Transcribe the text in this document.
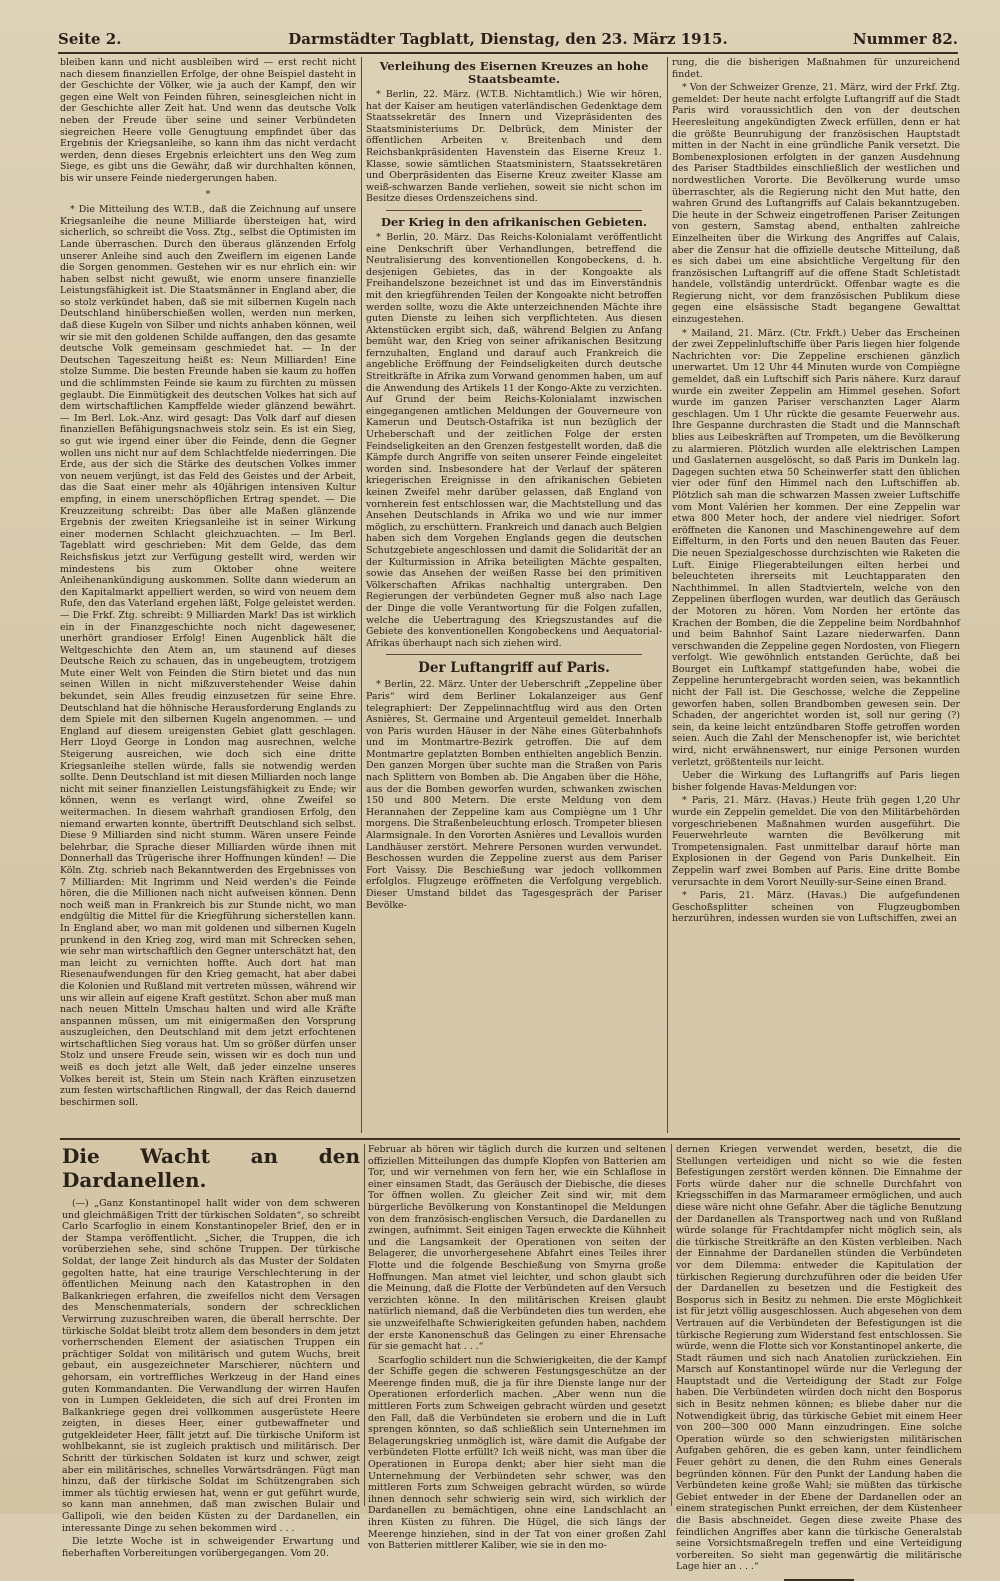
Seite 2.	Darmstädter Tagblatt, Dienstag, den 23. März 1915.	Nummer 82.

bleiben kann und nicht ausbleiben wird — erst recht nicht nach diesem finanziellen Erfolge, der ohne Beispiel dasteht in der Geschichte der Völker, wie ja auch der Kampf, den wir gegen eine Welt von Feinden führen, seinesgleichen nicht in der Geschichte aller Zeit hat. Und wenn das deutsche Volk neben der Freude über seine und seiner Verbündeten siegreichen Heere volle Genugtuung empfindet über das Ergebnis der Kriegsanleihe, so kann ihm das nicht verdacht werden, denn dieses Ergebnis erleichtert uns den Weg zum Siege, es gibt uns die Gewähr, daß wir durchhalten können, bis wir unsere Feinde niedergerungen haben.

*

* Die Mitteilung des W.T.B., daß die Zeichnung auf unsere Kriegsanleihe die neune Milliarde übersteigen hat, wird sicherlich, so schreibt die Voss. Ztg., selbst die Optimisten im Lande überraschen. Durch den überaus glänzenden Erfolg unserer Anleihe sind auch den Zweiflern im eigenen Lande die Sorgen genommen. Gestehen wir es nur ehrlich ein: wir haben selbst nicht gewußt, wie enorm unsere finanzielle Leistungsfähigkeit ist. Die Staatsmänner in England aber, die so stolz verkündet haben, daß sie mit silbernen Kugeln nach Deutschland hinüberschießen wollen, werden nun merken, daß diese Kugeln von Silber und nichts anhaben können, weil wir sie mit den goldenen Schilde auffangen, den das gesamte deutsche Volk gemeinsam geschmiedet hat. — In der Deutschen Tageszeitung heißt es: Neun Milliarden! Eine stolze Summe. Die besten Freunde haben sie kaum zu hoffen und die schlimmsten Feinde sie kaum zu fürchten zu müssen geglaubt. Die Einmütigkeit des deutschen Volkes hat sich auf dem wirtschaftlichen Kampffelde wieder glänzend bewährt. — Im Berl. Lok.-Anz. wird gesagt: Das Volk darf auf diesen finanziellen Befähigungsnachweis stolz sein. Es ist ein Sieg, so gut wie irgend einer über die Feinde, denn die Gegner wollen uns nicht nur auf dem Schlachtfelde niederringen. Die Erde, aus der sich die Stärke des deutschen Volkes immer von neuem verjüngt, ist das Feld des Geistes und der Arbeit, das die Saat einer mehr als 40jährigen intensiven Kultur empfing, in einem unerschöpflichen Ertrag spendet. — Die Kreuzzeitung schreibt: Das über alle Maßen glänzende Ergebnis der zweiten Kriegsanleihe ist in seiner Wirkung einer modernen Schlacht gleichzuachten. — Im Berl. Tageblatt wird geschrieben: Mit dem Gelde, das dem Reichsfiskus jetzt zur Verfügung gestellt wird, werden wir mindestens bis zum Oktober ohne weitere Anleihenankündigung auskommen. Sollte dann wiederum an den Kapitalmarkt appelliert werden, so wird von neuem dem Rufe, den das Vaterland ergehen läßt, Folge geleistet werden. — Die Frkf. Ztg. schreibt: 9 Milliarden Mark! Das ist wirklich ein in der Finanzgeschichte noch nicht dagewesener, unerhört grandioser Erfolg! Einen Augenblick hält die Weltgeschichte den Atem an, um staunend auf dieses Deutsche Reich zu schauen, das in ungebeugtem, trotzigem Mute einer Welt von Feinden die Stirn bietet und das nun seinen Willen in nicht mißzuverstehender Weise dahin bekundet, sein Alles freudig einzusetzen für seine Ehre. Deutschland hat die höhnische Herausforderung Englands zu dem Spiele mit den silbernen Kugeln angenommen. — und England auf diesem ureigensten Gebiet glatt geschlagen. Herr Lloyd George in London mag ausrechnen, welche Steigerung ausreichen, wie doch sich eine dritte Kriegsanleihe stellen würde, falls sie notwendig werden sollte. Denn Deutschland ist mit diesen Milliarden noch lange nicht mit seiner finanziellen Leistungsfähigkeit zu Ende; wir können, wenn es verlangt wird, ohne Zweifel so weitermachen. In diesem wahrhaft grandiosen Erfolg, den niemand erwarten konnte, übertrifft Deutschland sich selbst. Diese 9 Milliarden sind nicht stumm. Wären unsere Feinde belehrbar, die Sprache dieser Milliarden würde ihnen mit Donnerhall das Trügerische ihrer Hoffnungen künden! — Die Köln. Ztg. schrieb nach Bekanntwerden des Ergebnisses von 7 Milliarden: Mit Ingrimm und Neid werden's die Feinde hören, die die Millionen nach nicht aufweisen können. Denn noch weiß man in Frankreich bis zur Stunde nicht, wo man endgültig die Mittel für die Kriegführung sicherstellen kann. In England aber, wo man mit goldenen und silbernen Kugeln prunkend in den Krieg zog, wird man mit Schrecken sehen, wie sehr man wirtschaftlich den Gegner unterschätzt hat, den man leicht zu vernichten hoffte. Auch dort hat man Riesenaufwendungen für den Krieg gemacht, hat aber dabei die Kolonien und Rußland mit vertreten müssen, während wir uns wir allein auf eigene Kraft gestützt. Schon aber muß man nach neuen Mitteln Umschau halten und wird alle Kräfte anspannen müssen, um mit einigermaßen den Vorsprung auszugleichen, den Deutschland mit dem jetzt erfochtenen wirtschaftlichen Sieg voraus hat. Um so größer dürfen unser Stolz und unsere Freude sein, wissen wir es doch nun und weiß es doch jetzt alle Welt, daß jeder einzelne unseres Volkes bereit ist, Stein um Stein nach Kräften einzusetzen zum festen wirtschaftlichen Ringwall, der das Reich dauernd beschirmen soll.

Verleihung des Eisernen Kreuzes an hohe Staatsbeamte.

* Berlin, 22. März. (W.T.B. Nichtamtlich.) Wie wir hören, hat der Kaiser am heutigen vaterländischen Gedenktage dem Staatssekretär des Innern und Vizepräsidenten des Staatsministeriums Dr. Delbrück, dem Minister der öffentlichen Arbeiten v. Breitenbach und dem Reichsbankpräsidenten Havenstein das Eiserne Kreuz 1. Klasse, sowie sämtlichen Staatsministern, Staatssekretären und Oberpräsidenten das Eiserne Kreuz zweiter Klasse am weiß-schwarzen Bande verliehen, soweit sie nicht schon im Besitze dieses Ordenszeichens sind.

Der Krieg in den afrikanischen Gebieten.

* Berlin, 20. März. Das Reichs-Kolonialamt veröffentlicht eine Denkschrift über Verhandlungen, betreffend die Neutralisierung des konventionellen Kongobeckens, d. h. desjenigen Gebietes, das in der Kongoakte als Freihandelszone bezeichnet ist und das im Einverständnis mit den kriegführenden Teilen der Kongoakte nicht betroffen werden sollte, wozu die Akte unterzeichnenden Mächte ihre guten Dienste zu leihen sich verpflichteten. Aus diesen Aktenstücken ergibt sich, daß, während Belgien zu Anfang bemüht war, den Krieg von seiner afrikanischen Besitzung fernzuhalten, England und darauf auch Frankreich die angebliche Eröffnung der Feindseligkeiten durch deutsche Streitkräfte in Afrika zum Vorwand genommen haben, um auf die Anwendung des Artikels 11 der Kongo-Akte zu verzichten. Auf Grund der beim Reichs-Kolonialamt inzwischen eingegangenen amtlichen Meldungen der Gouverneure von Kamerun und Deutsch-Ostafrika ist nun bezüglich der Urheberschaft und der zeitlichen Folge der ersten Feindseligkeiten an den Grenzen festgestellt worden, daß die Kämpfe durch Angriffe von seiten unserer Feinde eingeleitet worden sind. Insbesondere hat der Verlauf der späteren kriegerischen Ereignisse in den afrikanischen Gebieten keinen Zweifel mehr darüber gelassen, daß England von vornherein fest entschlossen war, die Machtstellung und das Ansehen Deutschlands in Afrika wo und wie nur immer möglich, zu erschüttern. Frankreich und danach auch Belgien haben sich dem Vorgehen Englands gegen die deutschen Schutzgebiete angeschlossen und damit die Solidarität der an der Kulturmission in Afrika beteiligten Mächte gespalten, sowie das Ansehen der weißen Rasse bei den primitiven Völkerschaften Afrikas nachhaltig untergraben. Den Regierungen der verbündeten Gegner muß also nach Lage der Dinge die volle Verantwortung für die Folgen zufallen, welche die Uebertragung des Kriegszustandes auf die Gebiete des konventionellen Kongobeckens und Aequatorial-Afrikas überhaupt nach sich ziehen wird.

Der Luftangriff auf Paris.

* Berlin, 22. März. Unter der Ueberschrift „Zeppeline über Paris“ wird dem Berliner Lokalanzeiger aus Genf telegraphiert: Der Zeppelinnachtflug wird aus den Orten Asnières, St. Germaine und Argenteuil gemeldet. Innerhalb von Paris wurden Häuser in der Nähe eines Güterbahnhofs und im Montmartre-Bezirk getroffen. Die auf dem Montmartre geplatzten Bomben enthielten angeblich Benzin. Den ganzen Morgen über suchte man die Straßen von Paris nach Splittern von Bomben ab. Die Angaben über die Höhe, aus der die Bomben geworfen wurden, schwanken zwischen 150 und 800 Metern. Die erste Meldung von dem Herannahen der Zeppeline kam aus Compiègne um 1 Uhr morgens. Die Straßenbeleuchtung erlosch. Trompeter bliesen Alarmsignale. In den Vororten Asnières und Levallois wurden Landhäuser zerstört. Mehrere Personen wurden verwundet. Beschossen wurden die Zeppeline zuerst aus dem Pariser Fort Vaissy. Die Beschießung war jedoch vollkommen erfolglos. Flugzeuge eröffneten die Verfolgung vergeblich. Dieser Umstand bildet das Tagesgespräch der Pariser Bevölke-

rung, die die bisherigen Maßnahmen für unzureichend findet.

* Von der Schweizer Grenze, 21. März, wird der Frkf. Ztg. gemeldet: Der heute nacht erfolgte Luftangriff auf die Stadt Paris wird voraussichtlich den von der deutschen Heeresleitung angekündigten Zweck erfüllen, denn er hat die größte Beunruhigung der französischen Hauptstadt mitten in der Nacht in eine gründliche Panik versetzt. Die Bombenexplosionen erfolgten in der ganzen Ausdehnung des Pariser Stadtbildes einschließlich der westlichen und nordwestlichen Vororte. Die Bevölkerung wurde umso überraschter, als die Regierung nicht den Mut hatte, den wahren Grund des Luftangriffs auf Calais bekanntzugeben. Die heute in der Schweiz eingetroffenen Pariser Zeitungen von gestern, Samstag abend, enthalten zahlreiche Einzelheiten über die Wirkung des Angriffes auf Calais, aber die Zensur hat die offizielle deutsche Mitteilung, daß es sich dabei um eine absichtliche Vergeltung für den französischen Luftangriff auf die offene Stadt Schletistadt handele, vollständig unterdrückt. Offenbar wagte es die Regierung nicht, vor dem französischen Publikum diese gegen eine elsässische Stadt begangene Gewalttat einzugestehen.

* Mailand, 21. März. (Ctr. Frkft.) Ueber das Erscheinen der zwei Zeppelinluftschiffe über Paris liegen hier folgende Nachrichten vor: Die Zeppeline erschienen gänzlich unerwartet. Um 12 Uhr 44 Minuten wurde von Compiègne gemeldet, daß ein Luftschiff sich Paris nähere. Kurz darauf wurde ein zweiter Zeppelin am Himmel gesehen. Sofort wurde im ganzen Pariser verschanzten Lager Alarm geschlagen. Um 1 Uhr rückte die gesamte Feuerwehr aus. Ihre Gespanne durchrasten die Stadt und die Mannschaft blies aus Leibeskräften auf Trompeten, um die Bevölkerung zu alarmieren. Plötzlich wurden alle elektrischen Lampen und Gaslaternen ausgelöscht, so daß Paris im Dunkeln lag. Dagegen suchten etwa 50 Scheinwerfer statt den üblichen vier oder fünf den Himmel nach den Luftschiffen ab. Plötzlich sah man die schwarzen Massen zweier Luftschiffe vom Mont Valérien her kommen. Der eine Zeppelin war etwa 800 Meter hoch, der andere viel niedriger. Sofort eröffneten die Kanonen und Maschinengewehre auf dem Eiffelturm, in den Forts und den neuen Bauten das Feuer. Die neuen Spezialgeschosse durchzischten wie Raketen die Luft. Einige Fliegerabteilungen eilten herbei und beleuchteten ihrerseits mit Leuchtapparaten den Nachthimmel. In allen Stadtvierteln, welche von den Zeppelinen überflogen wurden, war deutlich das Geräusch der Motoren zu hören. Vom Norden her ertönte das Krachen der Bomben, die die Zeppeline beim Nordbahnhof und beim Bahnhof Saint Lazare niederwarfen. Dann verschwanden die Zeppeline gegen Nordosten, von Fliegern verfolgt. Wie gewöhnlich entstanden Gerüchte, daß bei Bourget ein Luftkampf stattgefunden habe, wobei die Zeppeline heruntergebracht worden seien, was bekanntlich nicht der Fall ist. Die Geschosse, welche die Zeppeline geworfen haben, sollen Brandbomben gewesen sein. Der Schaden, der angerichtet worden ist, soll nur gering (?) sein, da keine leicht entzündbaren Stoffe getroffen worden seien. Auch die Zahl der Menschenopfer ist, wie berichtet wird, nicht erwähnenswert, nur einige Personen wurden verletzt, größtenteils nur leicht.

Ueber die Wirkung des Luftangriffs auf Paris liegen bisher folgende Havas-Meldungen vor:

* Paris, 21. März. (Havas.) Heute früh gegen 1,20 Uhr wurde ein Zeppelin gemeldet. Die von den Militärbehörden vorgeschriebenen Maßnahmen wurden ausgeführt. Die Feuerwehrleute warnten die Bevölkerung mit Trompetensignalen. Fast unmittelbar darauf hörte man Explosionen in der Gegend von Paris Dunkelheit. Ein Zeppelin warf zwei Bomben auf Paris. Eine dritte Bombe verursachte in dem Vorort Neuilly-sur-Seine einen Brand.

* Paris, 21. März. (Havas.) Die aufgefundenen Geschoßsplitter scheinen von Flugzeugbomben herzurühren, indessen wurden sie von Luftschiffen, zwei an

Die Wacht an den Dardanellen.

(—) „Ganz Konstantinopel hallt wider von dem schweren und gleichmäßigen Tritt der türkischen Soldaten“, so schreibt Carlo Scarfoglio in einem Konstantinopeler Brief, den er in der Stampa veröffentlicht. „Sicher, die Truppen, die ich vorüberziehen sehe, sind schöne Truppen. Der türkische Soldat, der lange Zeit hindurch als das Muster der Soldaten gegolten hatte, hat eine traurige Verschlechterung in der öffentlichen Meinung nach den Katastrophen in den Balkankriegen erfahren, die zweifellos nicht dem Versagen des Menschenmaterials, sondern der schrecklichen Verwirrung zuzuschreiben waren, die überall herrschte. Der türkische Soldat bleibt trotz allem dem besonders in dem jetzt vorherrschenden Element der asiatischen Truppen ein prächtiger Soldat von militärisch und gutem Wuchs, breit gebaut, ein ausgezeichneter Marschierer, nüchtern und gehorsam, ein vortreffliches Werkzeug in der Hand eines guten Kommandanten. Die Verwandlung der wirren Haufen von in Lumpen Gekleideten, die sich auf drei Fronten im Balkankriege gegen drei vollkommen ausgerüstete Heere zeigten, in dieses Heer, einer gutbewaffneter und gutgekleideter Heer, fällt jetzt auf. Die türkische Uniform ist wohlbekannt, sie ist zugleich praktisch und militärisch. Der Schritt der türkischen Soldaten ist kurz und schwer, zeigt aber ein militärisches, schnelles Vorwärtsdrängen. Fügt man hinzu, daß der türkische Soldat im Schützengraben sich immer als tüchtig erwiesen hat, wenn er gut geführt wurde, so kann man annehmen, daß man zwischen Bulair und Gallipoli, wie den beiden Küsten zu der Dardanellen, ein interessante Dinge zu sehen bekommen wird . . .

Die letzte Woche ist in schweigender Erwartung und fieberhaften Vorbereitungen vorübergegangen. Vom 20.

Februar ab hören wir täglich durch die kurzen und seltenen offiziellen Mitteilungen das dumpfe Klopfen von Batterien am Tor, und wir vernehmen von fern her, wie ein Schlaflose in einer einsamen Stadt, das Geräusch der Diebische, die dieses Tor öffnen wollen. Zu gleicher Zeit sind wir, mit dem bürgerliche Bevölkerung von Konstantinopel die Meldungen von dem französisch-englischen Versuch, die Dardanellen zu zwingen, aufnimmt. Seit einigen Tagen erweckte die Kühnheit und die Langsamkeit der Operationen von seiten der Belagerer, die unvorhergesehene Abfahrt eines Teiles ihrer Flotte und die folgende Beschießung von Smyrna große Hoffnungen. Man atmet viel leichter, und schon glaubt sich die Meinung, daß die Flotte der Verbündeten auf den Versuch verzichten könne. In den militärischen Kreisen glaubt natürlich niemand, daß die Verbündeten dies tun werden, ehe sie unzweifelhafte Schwierigkeiten gefunden haben, nachdem der erste Kanonenschuß das Gelingen zu einer Ehrensache für sie gemacht hat . . .“

Scarfoglio schildert nun die Schwierigkeiten, die der Kampf der Schiffe gegen die schweren Festungsgeschütze an der Meerenge finden muß, die ja für ihre Dienste lange nur der Operationen erforderlich machen. „Aber wenn nun die mittleren Forts zum Schweigen gebracht würden und gesetzt den Fall, daß die Verbündeten sie erobern und die in Luft sprengen könnten, so daß schließlich sein Unternehmen im Belagerungskrieg unmöglich ist, wäre damit die Aufgabe der verbündeten Flotte erfüllt? Ich weiß nicht, was man über die Operationen in Europa denkt; aber hier sieht man die Unternehmung der Verbündeten sehr schwer, was den mittleren Forts zum Schweigen gebracht würden, so würde ihnen dennoch sehr schwierig sein wird, sich wirklich der Dardanellen zu bemächtigen, ohne eine Landschlacht an ihren Küsten zu führen. Die Hügel, die sich längs der Meerenge hinziehen, sind in der Tat von einer großen Zahl von Batterien mittlerer Kaliber, wie sie in den mo-

dernen Kriegen verwendet werden, besetzt, die die Stellungen verteidigen und nicht so wie die festen Befestigungen zerstört werden können. Die Einnahme der Forts würde daher nur die schnelle Durchfahrt von Kriegsschiffen in das Marmarameer ermöglichen, und auch diese wäre nicht ohne Gefahr. Aber die tägliche Benutzung der Dardanellen als Transportweg nach und von Rußland würde solange für Frachtdampfer nicht möglich sein, als die türkische Streitkräfte an den Küsten verbleiben. Nach der Einnahme der Dardanellen stünden die Verbündeten vor dem Dilemma: entweder die Kapitulation der türkischen Regierung durchzuführen oder die beiden Ufer der Dardanellen zu besetzen und die Festigkeit des Bosporus sich in Besitz zu nehmen. Die erste Möglichkeit ist für jetzt völlig ausgeschlossen. Auch abgesehen von dem Vertrauen auf die Verbündeten der Befestigungen ist die türkische Regierung zum Widerstand fest entschlossen. Sie würde, wenn die Flotte sich vor Konstantinopel ankerte, die Stadt räumen und sich nach Anatolien zurückziehen. Ein Marsch auf Konstantinopel würde nur die Verlegung der Hauptstadt und die Verteidigung der Stadt zur Folge haben. Die Verbündeten würden doch nicht den Bosporus sich in Besitz nehmen können; es bliebe daher nur die Notwendigkeit übrig, das türkische Gebiet mit einem Heer von 200—300 000 Mann einzudringen. Eine solche Operation würde so den schwierigsten militärischen Aufgaben gehören, die es geben kann, unter feindlichem Feuer gehört zu denen, die den Ruhm eines Generals begründen können. Für den Punkt der Landung haben die Verbündeten keine große Wahl; sie müßten das türkische Gebiet entweder in der Ebene der Dardanellen oder an einem strategischen Punkt erreichen, der dem Küstenheer die Basis abschneidet. Gegen diese zweite Phase des feindlichen Angriffes aber kann die türkische Generalstab seine Vorsichtsmaßregeln treffen und eine Verteidigung vorbereiten. So sieht man gegenwärtig die militärische Lage hier an . . .“
